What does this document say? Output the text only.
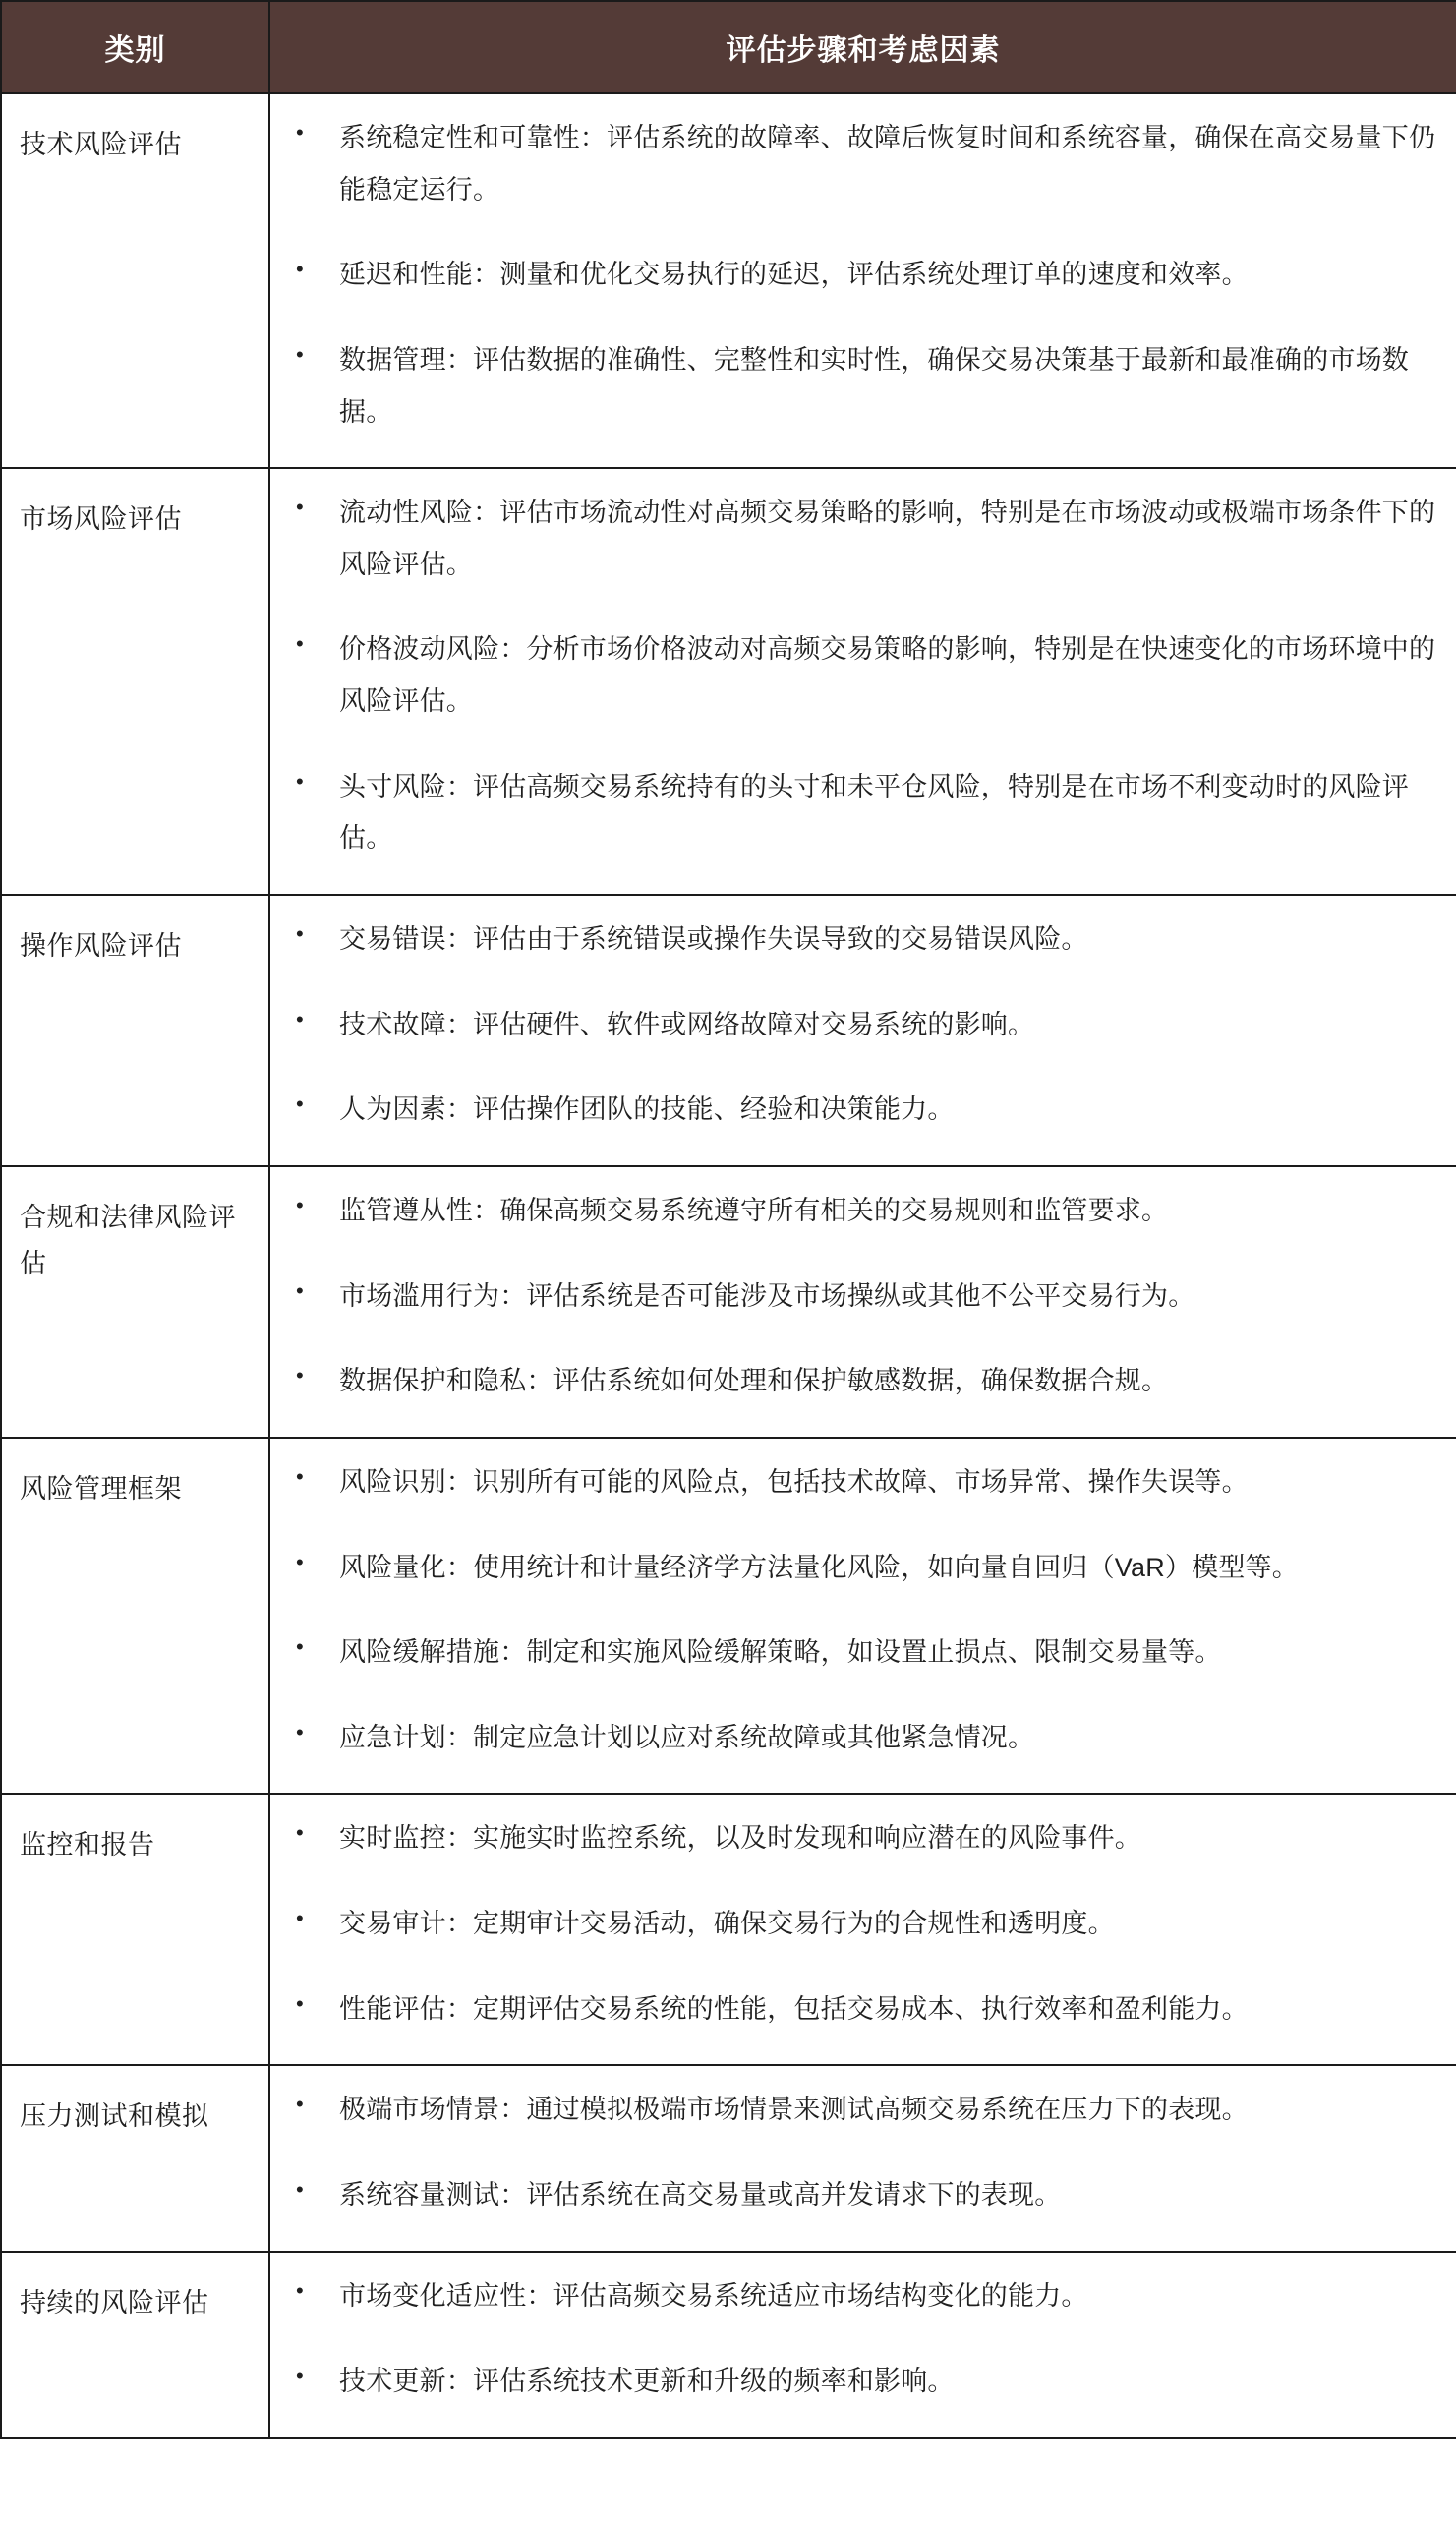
类别	评估步骤和考虑因素
技术风险评估	
•系统稳定性和可靠性：评估系统的故障率、故障后恢复时间和系统容量，确保在高交易量下仍能稳定运行。
• 延迟和性能：测量和优化交易执行的延迟，评估系统处理订单的速度和效率。
• 数据管理：评估数据的准确性、完整性和实时性，确保交易决策基于最新和最准确的市场数据。

市场风险评估	
•流动性风险：评估市场流动性对高频交易策略的影响，特别是在市场波动或极端市场条件下的风险评估。
• 价格波动风险：分析市场价格波动对高频交易策略的影响，特别是在快速变化的市场环境中的风险评估。
• 头寸风险：评估高频交易系统持有的头寸和未平仓风险，特别是在市场不利变动时的风险评估。

操作风险评估	
•交易错误：评估由于系统错误或操作失误导致的交易错误风险。
• 技术故障：评估硬件、软件或网络故障对交易系统的影响。
• 人为因素：评估操作团队的技能、经验和决策能力。

合规和法律风险评估	
• 监管遵从性：确保高频交易系统遵守所有相关的交易规则和监管要求。
• 市场滥用行为：评估系统是否可能涉及市场操纵或其他不公平交易行为。
• 数据保护和隐私：评估系统如何处理和保护敏感数据，确保数据合规。

风险管理框架	
•风险识别：识别所有可能的风险点，包括技术故障、市场异常、操作失误等。
• 风险量化：使用统计和计量经济学方法量化风险，如向量自回归（VaR）模型等。
• 风险缓解措施：制定和实施风险缓解策略，如设置止损点、限制交易量等。
• 应急计划：制定应急计划以应对系统故障或其他紧急情况。

监控和报告	
•实时监控：实施实时监控系统，以及时发现和响应潜在的风险事件。
• 交易审计：定期审计交易活动，确保交易行为的合规性和透明度。
• 性能评估：定期评估交易系统的性能，包括交易成本、执行效率和盈利能力。

压力测试和模拟	
•极端市场情景：通过模拟极端市场情景来测试高频交易系统在压力下的表现。
• 系统容量测试：评估系统在高交易量或高并发请求下的表现。

持续的风险评估	
•市场变化适应性：评估高频交易系统适应市场结构变化的能力。
• 技术更新：评估系统技术更新和升级的频率和影响。
